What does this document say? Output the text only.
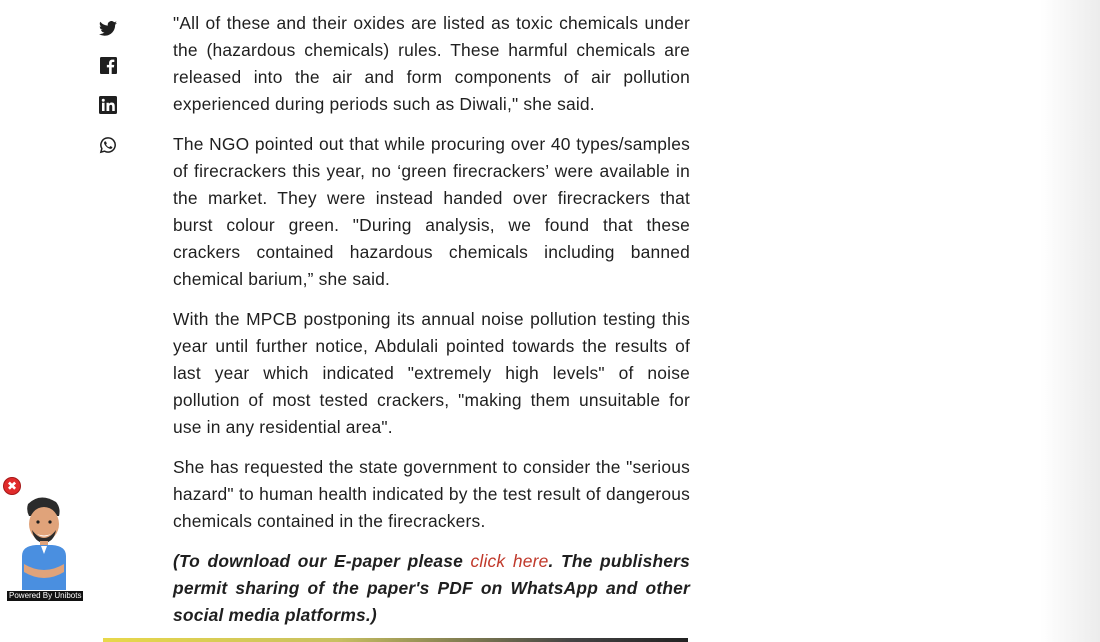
"All of these and their oxides are listed as toxic chemicals under the (hazardous chemicals) rules. These harmful chemicals are released into the air and form components of air pollution experienced during periods such as Diwali," she said.

The NGO pointed out that while procuring over 40 types/samples of firecrackers this year, no ‘green firecrackers’ were available in the market. They were instead handed over firecrackers that burst colour green. "During analysis, we found that these crackers contained hazardous chemicals including banned chemical barium,” she said.

With the MPCB postponing its annual noise pollution testing this year until further notice, Abdulali pointed towards the results of last year which indicated "extremely high levels" of noise pollution of most tested crackers, "making them unsuitable for use in any residential area".

She has requested the state government to consider the "serious hazard" to human health indicated by the test result of dangerous chemicals contained in the firecrackers.

(To download our E-paper please click here. The publishers permit sharing of the paper's PDF on WhatsApp and other social media platforms.)

✖
Powered By Unibots
